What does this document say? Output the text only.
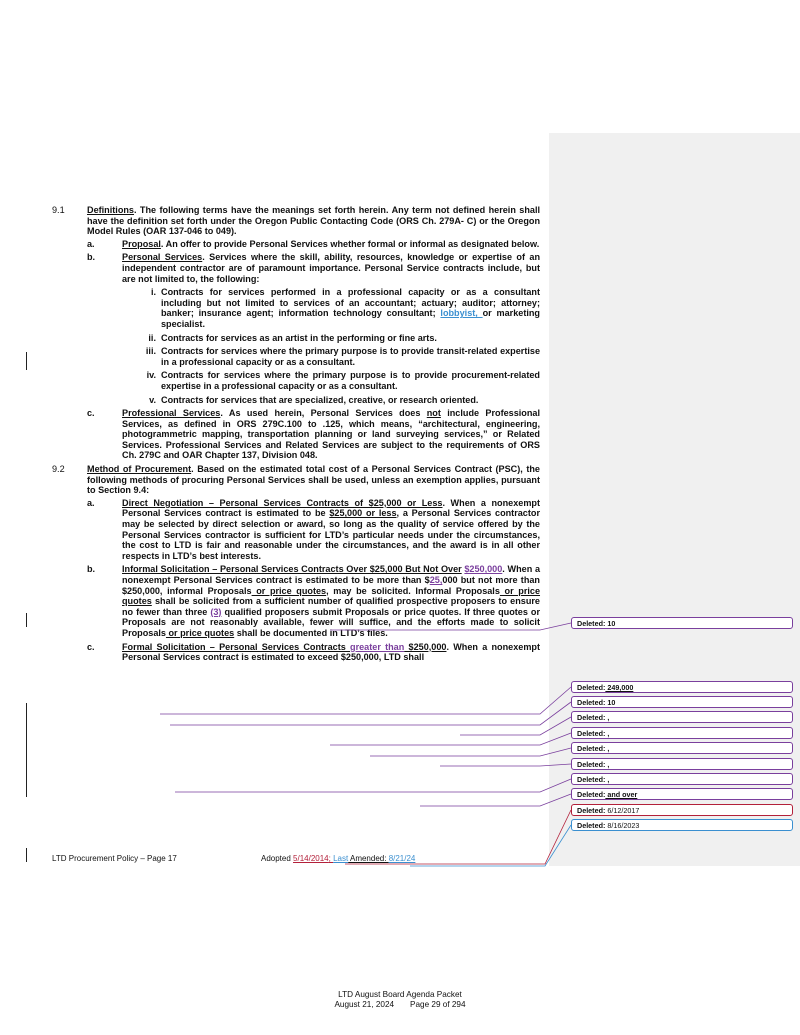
9.1 Definitions. The following terms have the meanings set forth herein. Any term not defined herein shall have the definition set forth under the Oregon Public Contacting Code (ORS Ch. 279A- C) or the Oregon Model Rules (OAR 137-046 to 049).
a.	Proposal. An offer to provide Personal Services whether formal or informal as designated below.
b.	Personal Services. Services where the skill, ability, resources, knowledge or expertise of an independent contractor are of paramount importance. Personal Service contracts include, but are not limited to, the following:
i. Contracts for services performed in a professional capacity or as a consultant including but not limited to services of an accountant; actuary; auditor; attorney; banker; insurance agent; information technology consultant; lobbyist, or marketing specialist.
ii. Contracts for services as an artist in the performing or fine arts.
iii. Contracts for services where the primary purpose is to provide transit-related expertise in a professional capacity or as a consultant.
iv. Contracts for services where the primary purpose is to provide procurement-related expertise in a professional capacity or as a consultant.
v. Contracts for services that are specialized, creative, or research oriented.
c.	Professional Services. As used herein, Personal Services does not include Professional Services, as defined in ORS 279C.100 to .125, which means, “architectural, engineering, photogrammetric mapping, transportation planning or land surveying services,” or Related Services. Professional Services and Related Services are subject to the requirements of ORS Ch. 279C and OAR Chapter 137, Division 048.
9.2 Method of Procurement. Based on the estimated total cost of a Personal Services Contract (PSC), the following methods of procuring Personal Services shall be used, unless an exemption applies, pursuant to Section 9.4:
a.	Direct Negotiation – Personal Services Contracts of $25,000 or Less. When a nonexempt Personal Services contract is estimated to be $25,000 or less, a Personal Services contractor may be selected by direct selection or award, so long as the quality of service offered by the Personal Services contractor is sufficient for LTD’s particular needs under the circumstances, the cost to LTD is fair and reasonable under the circumstances, and the award is in all other respects in LTD’s best interests.
b.	Informal Solicitation – Personal Services Contracts Over $25,000 But Not Over $250,000. When a nonexempt Personal Services contract is estimated to be more than $25,000 but not more than $250,000, informal Proposals or price quotes, may be solicited. Informal Proposals or price quotes shall be solicited from a sufficient number of qualified prospective proposers to ensure no fewer than three (3) qualified proposers submit Proposals or price quotes. If three quotes or Proposals are not reasonably available, fewer will suffice, and the efforts made to solicit Proposals or price quotes shall be documented in LTD’s files.
c.	Formal Solicitation – Personal Services Contracts greater than $250,000. When a nonexempt Personal Services contract is estimated to exceed $250,000, LTD shall
Deleted: 10
Deleted: 249,000
Deleted: 10
Deleted: ,
Deleted: ,
Deleted: ,
Deleted: ,
Deleted: ,
Deleted: and over
Deleted: 6/12/2017
Deleted: 8/16/2023
LTD Procurement Policy – Page 17	Adopted 5/14/2014; Last Amended: 8/21/24
LTD August Board Agenda Packet
August 21, 2024       Page 29 of 294
